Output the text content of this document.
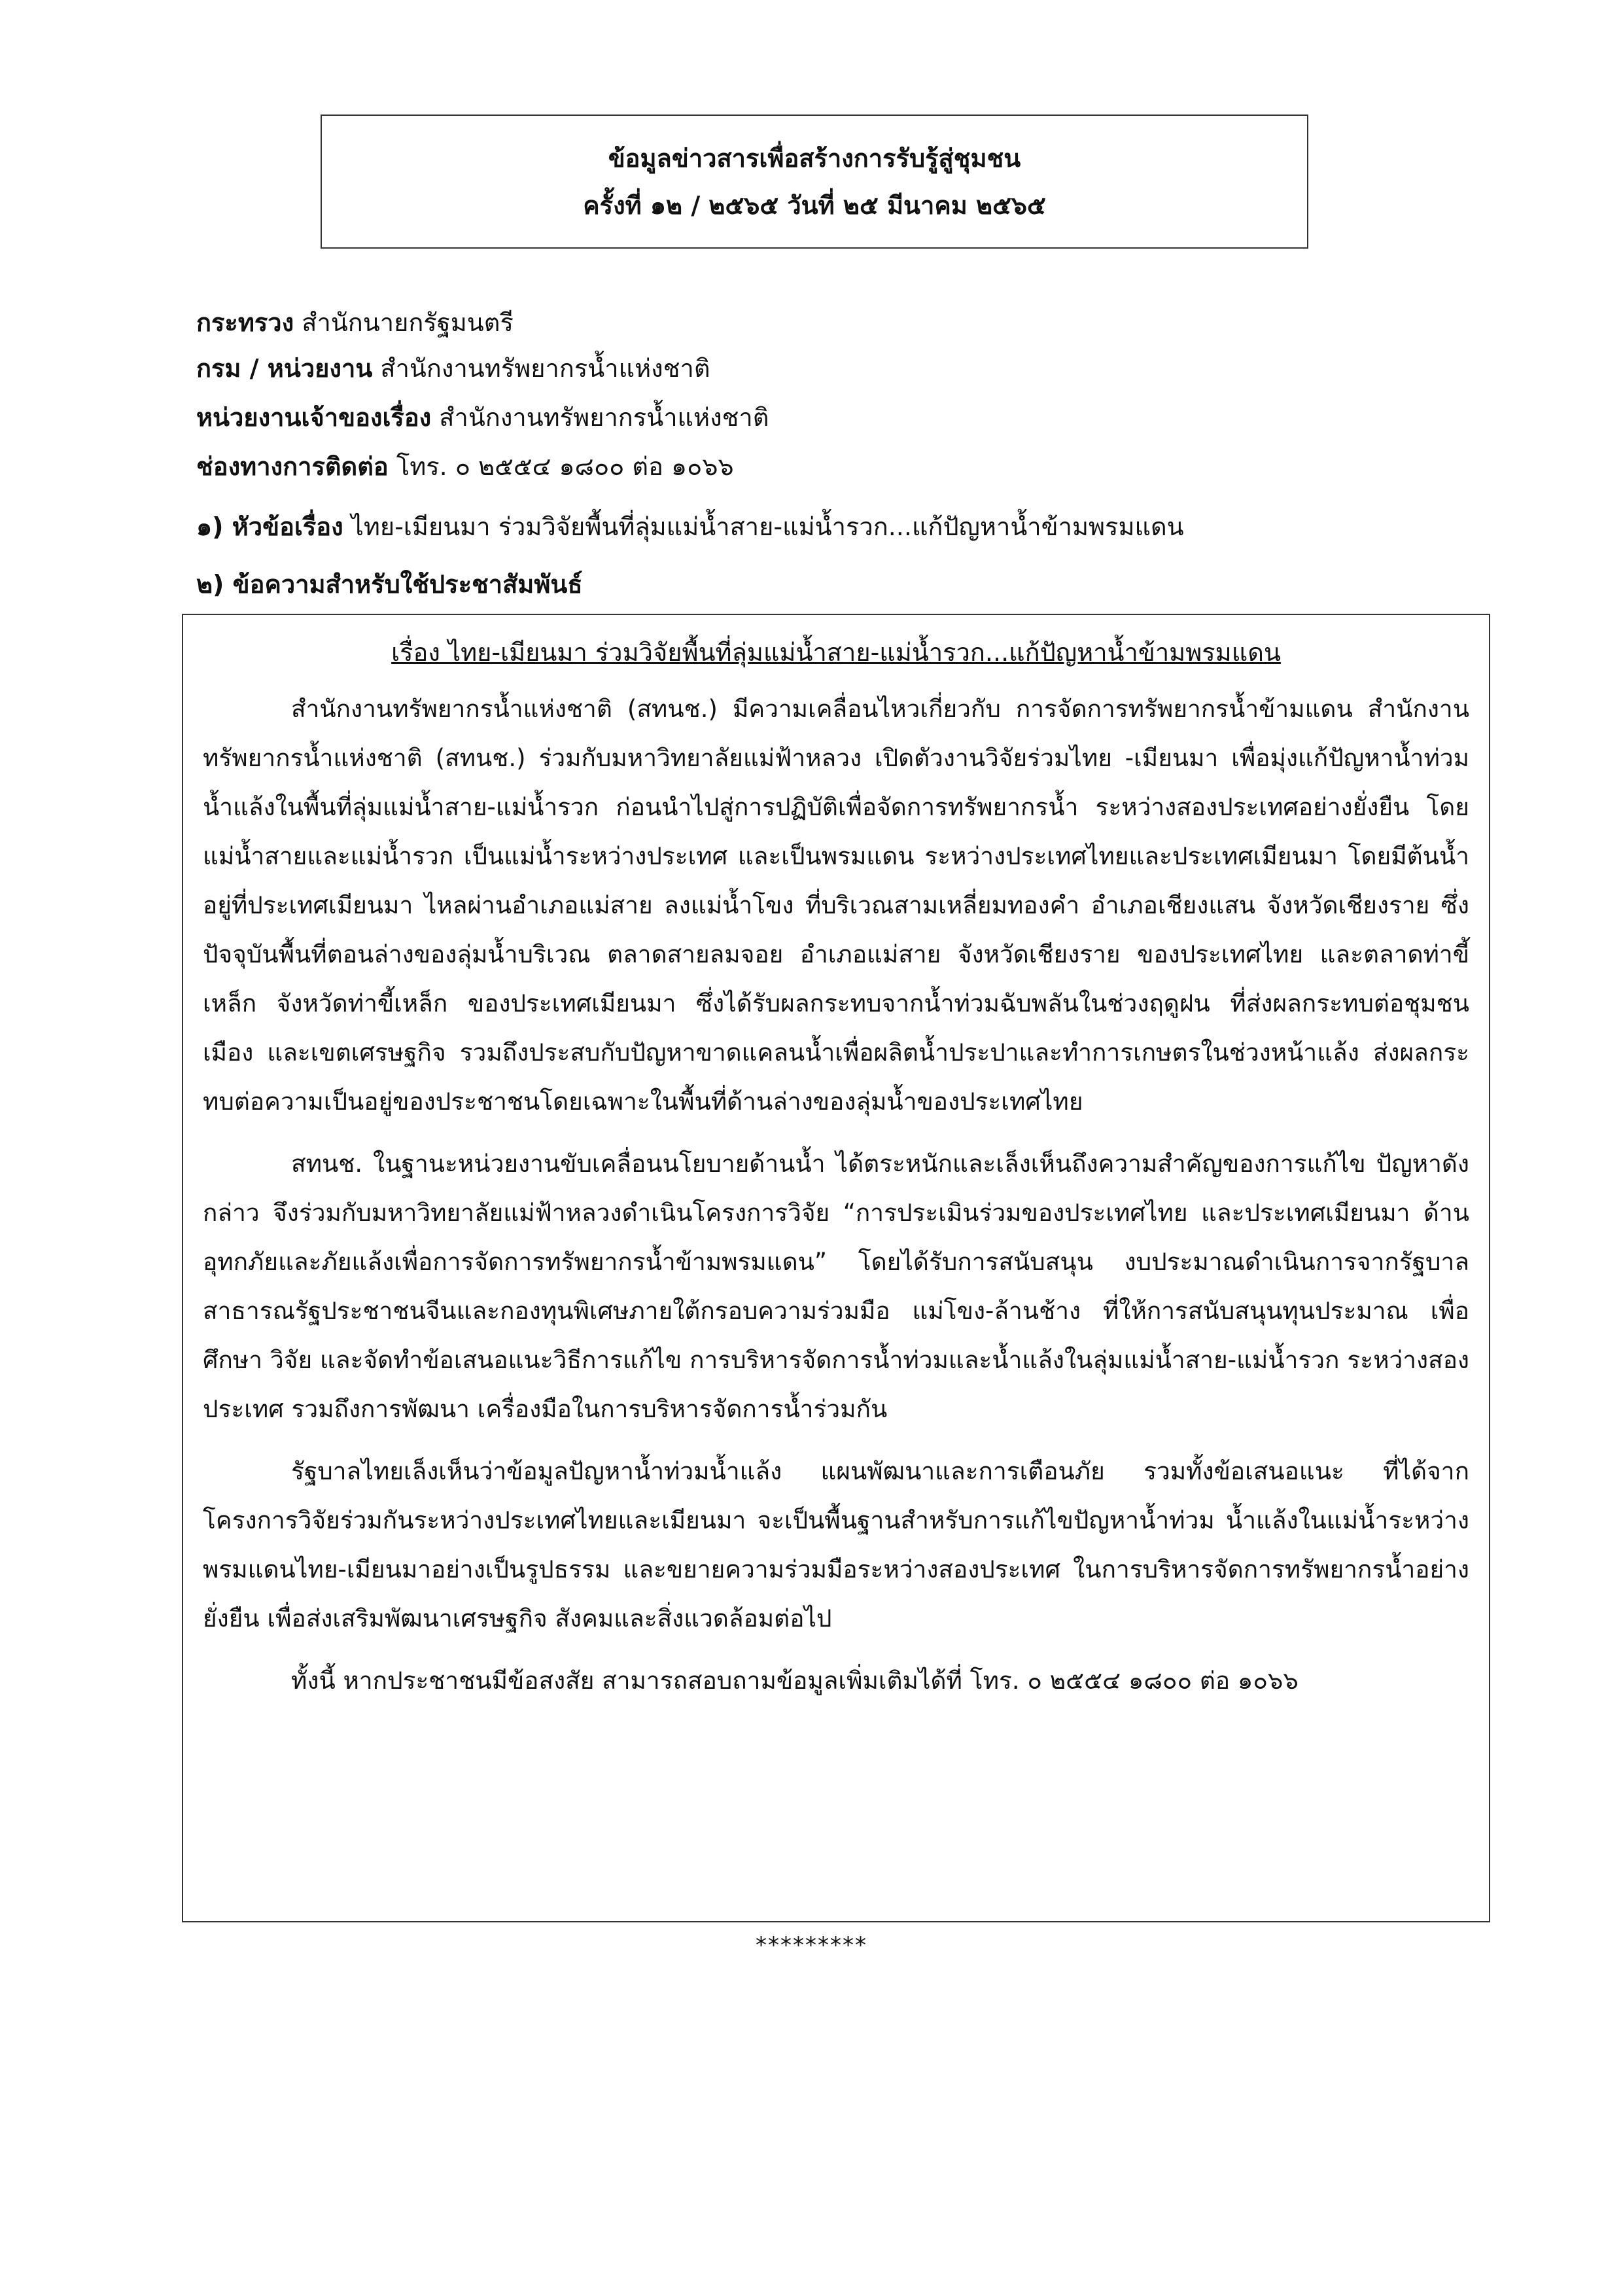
ข้อมูลข่าวสารเพื่อสร้างการรับรู้สู่ชุมชน
ครั้งที่ ๑๒ / ๒๕๖๕ วันที่ ๒๕ มีนาคม ๒๕๖๕
กระทรวง สำนักนายกรัฐมนตรี
กรม / หน่วยงาน สำนักงานทรัพยากรน้ำแห่งชาติ
หน่วยงานเจ้าของเรื่อง สำนักงานทรัพยากรน้ำแห่งชาติ
ช่องทางการติดต่อ โทร. ๐ ๒๕๕๔ ๑๘๐๐ ต่อ ๑๐๖๖
๑) หัวข้อเรื่อง ไทย-เมียนมา ร่วมวิจัยพื้นที่ลุ่มแม่น้ำสาย-แม่น้ำรวก...แก้ปัญหาน้ำข้ามพรมแดน
๒) ข้อความสำหรับใช้ประชาสัมพันธ์
เรื่อง ไทย-เมียนมา ร่วมวิจัยพื้นที่ลุ่มแม่น้ำสาย-แม่น้ำรวก...แก้ปัญหาน้ำข้ามพรมแดน

สำนักงานทรัพยากรน้ำแห่งชาติ (สทนช.) มีความเคลื่อนไหวเกี่ยวกับ การจัดการทรัพยากรน้ำข้ามแดน สำนักงานทรัพยากรน้ำแห่งชาติ (สทนช.) ร่วมกับมหาวิทยาลัยแม่ฟ้าหลวง เปิดตัวงานวิจัยร่วมไทย -เมียนมา เพื่อมุ่งแก้ปัญหาน้ำท่วมน้ำแล้งในพื้นที่ลุ่มแม่น้ำสาย-แม่น้ำรวก ก่อนนำไปสู่การปฏิบัติเพื่อจัดการทรัพยากรน้ำ ระหว่างสองประเทศอย่างยั่งยืน โดยแม่น้ำสายและแม่น้ำรวก เป็นแม่น้ำระหว่างประเทศ และเป็นพรมแดน ระหว่างประเทศไทยและประเทศเมียนมา โดยมีต้นน้ำอยู่ที่ประเทศเมียนมา ไหลผ่านอำเภอแม่สาย ลงแม่น้ำโขง ที่บริเวณสามเหลี่ยมทองคำ อำเภอเชียงแสน จังหวัดเชียงราย ซึ่งปัจจุบันพื้นที่ตอนล่างของลุ่มน้ำบริเวณ ตลาดสายลมจอย อำเภอแม่สาย จังหวัดเชียงราย ของประเทศไทย และตลาดท่าขี้เหล็ก จังหวัดท่าขี้เหล็ก ของประเทศเมียนมา ซึ่งได้รับผลกระทบจากน้ำท่วมฉับพลันในช่วงฤดูฝน ที่ส่งผลกระทบต่อชุมชนเมือง และเขตเศรษฐกิจ รวมถึงประสบกับปัญหาขาดแคลนน้ำเพื่อผลิตน้ำประปาและทำการเกษตรในช่วงหน้าแล้ง ส่งผลกระทบต่อความเป็นอยู่ของประชาชนโดยเฉพาะในพื้นที่ด้านล่างของลุ่มน้ำของประเทศไทย

สทนช. ในฐานะหน่วยงานขับเคลื่อนนโยบายด้านน้ำ ได้ตระหนักและเล็งเห็นถึงความสำคัญของการแก้ไข ปัญหาดังกล่าว จึงร่วมกับมหาวิทยาลัยแม่ฟ้าหลวงดำเนินโครงการวิจัย “การประเมินร่วมของประเทศไทย และประเทศเมียนมา ด้านอุทกภัยและภัยแล้งเพื่อการจัดการทรัพยากรน้ำข้ามพรมแดน” โดยได้รับการสนับสนุน งบประมาณดำเนินการจากรัฐบาลสาธารณรัฐประชาชนจีนและกองทุนพิเศษภายใต้กรอบความร่วมมือ แม่โขง-ล้านช้าง ที่ให้การสนับสนุนทุนประมาณ เพื่อศึกษา วิจัย และจัดทำข้อเสนอแนะวิธีการแก้ไข การบริหารจัดการน้ำท่วมและน้ำแล้งในลุ่มแม่น้ำสาย-แม่น้ำรวก ระหว่างสองประเทศ รวมถึงการพัฒนา เครื่องมือในการบริหารจัดการน้ำร่วมกัน

รัฐบาลไทยเล็งเห็นว่าข้อมูลปัญหาน้ำท่วมน้ำแล้ง แผนพัฒนาและการเตือนภัย รวมทั้งข้อเสนอแนะ ที่ได้จากโครงการวิจัยร่วมกันระหว่างประเทศไทยและเมียนมา จะเป็นพื้นฐานสำหรับการแก้ไขปัญหาน้ำท่วม น้ำแล้งในแม่น้ำระหว่างพรมแดนไทย-เมียนมาอย่างเป็นรูปธรรม และขยายความร่วมมือระหว่างสองประเทศ ในการบริหารจัดการทรัพยากรน้ำอย่างยั่งยืน เพื่อส่งเสริมพัฒนาเศรษฐกิจ สังคมและสิ่งแวดล้อมต่อไป

ทั้งนี้ หากประชาชนมีข้อสงสัย สามารถสอบถามข้อมูลเพิ่มเติมได้ที่ โทร. ๐ ๒๕๕๔ ๑๘๐๐ ต่อ ๑๐๖๖

*********
